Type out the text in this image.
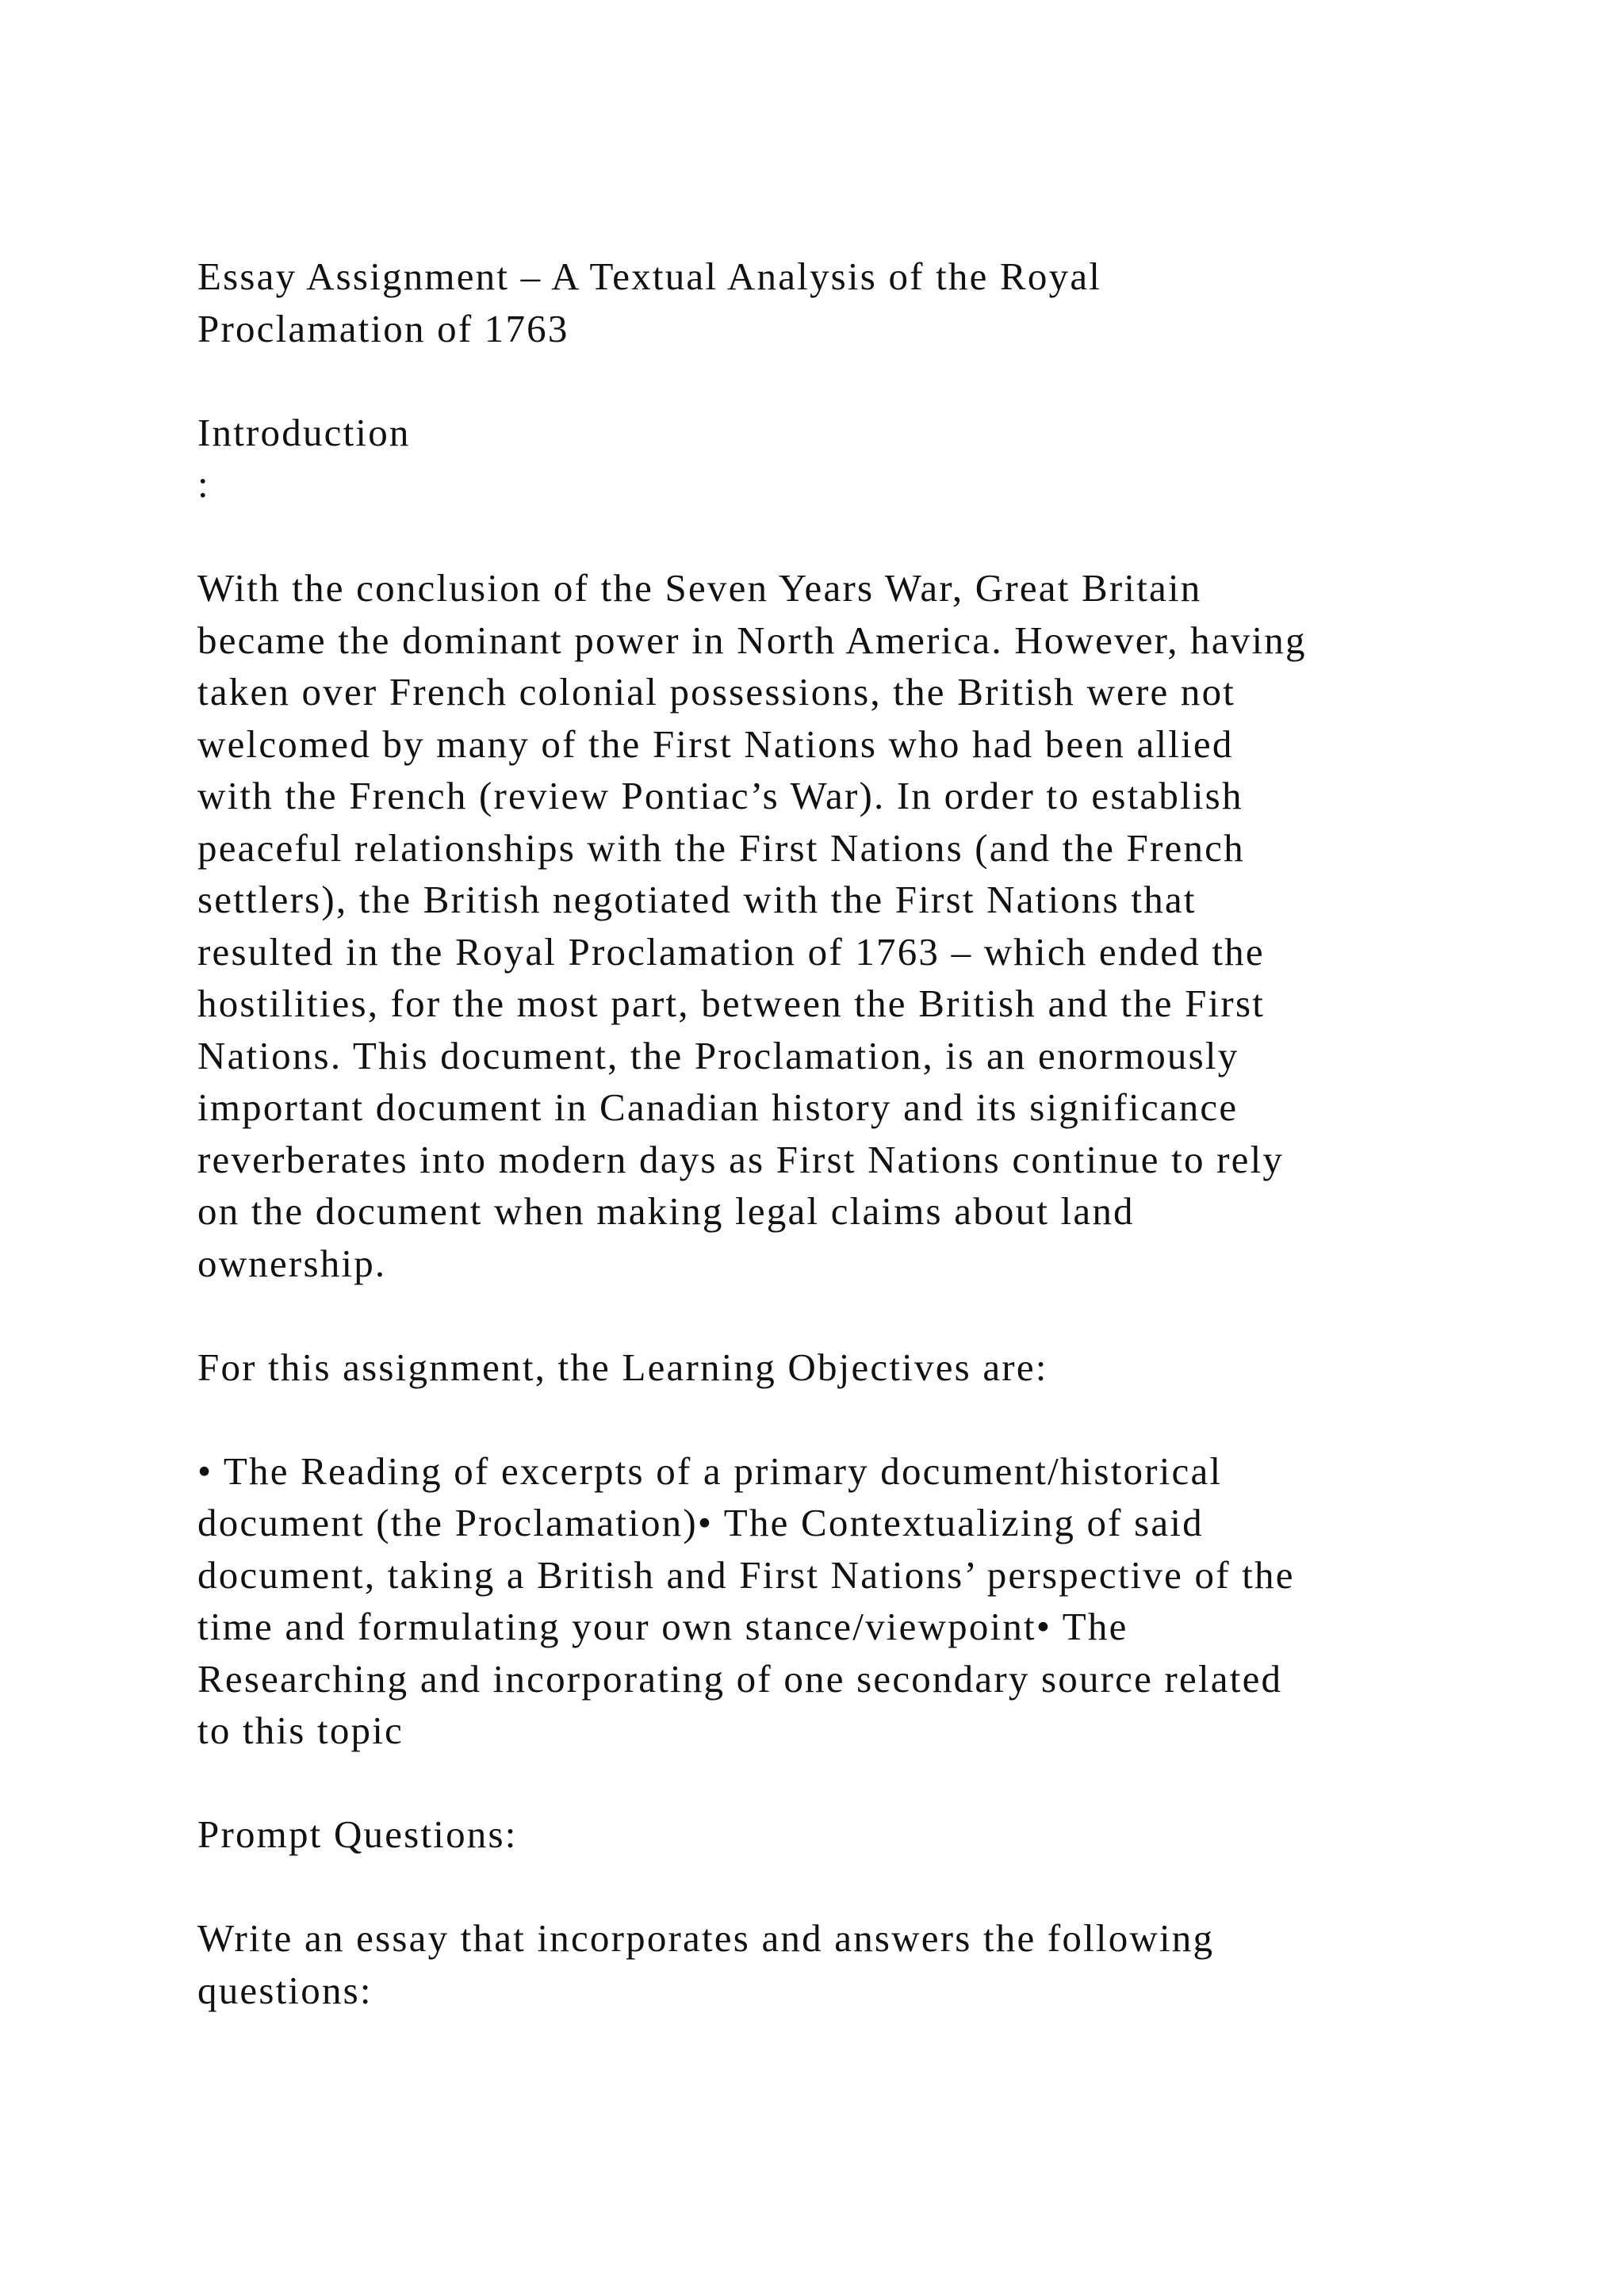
Essay Assignment – A Textual Analysis of the Royal
Proclamation of 1763
Introduction
:
With the conclusion of the Seven Years War, Great Britain
became the dominant power in North America. However, having
taken over French colonial possessions, the British were not
welcomed by many of the First Nations who had been allied
with the French (review Pontiac’s War). In order to establish
peaceful relationships with the First Nations (and the French
settlers), the British negotiated with the First Nations that
resulted in the Royal Proclamation of 1763 – which ended the
hostilities, for the most part, between the British and the First
Nations. This document, the Proclamation, is an enormously
important document in Canadian history and its significance
reverberates into modern days as First Nations continue to rely
on the document when making legal claims about land
ownership.
For this assignment, the Learning Objectives are:
• The Reading of excerpts of a primary document/historical
document (the Proclamation)• The Contextualizing of said
document, taking a British and First Nations’ perspective of the
time and formulating your own stance/viewpoint• The
Researching and incorporating of one secondary source related
to this topic
Prompt Questions:
Write an essay that incorporates and answers the following
questions:
